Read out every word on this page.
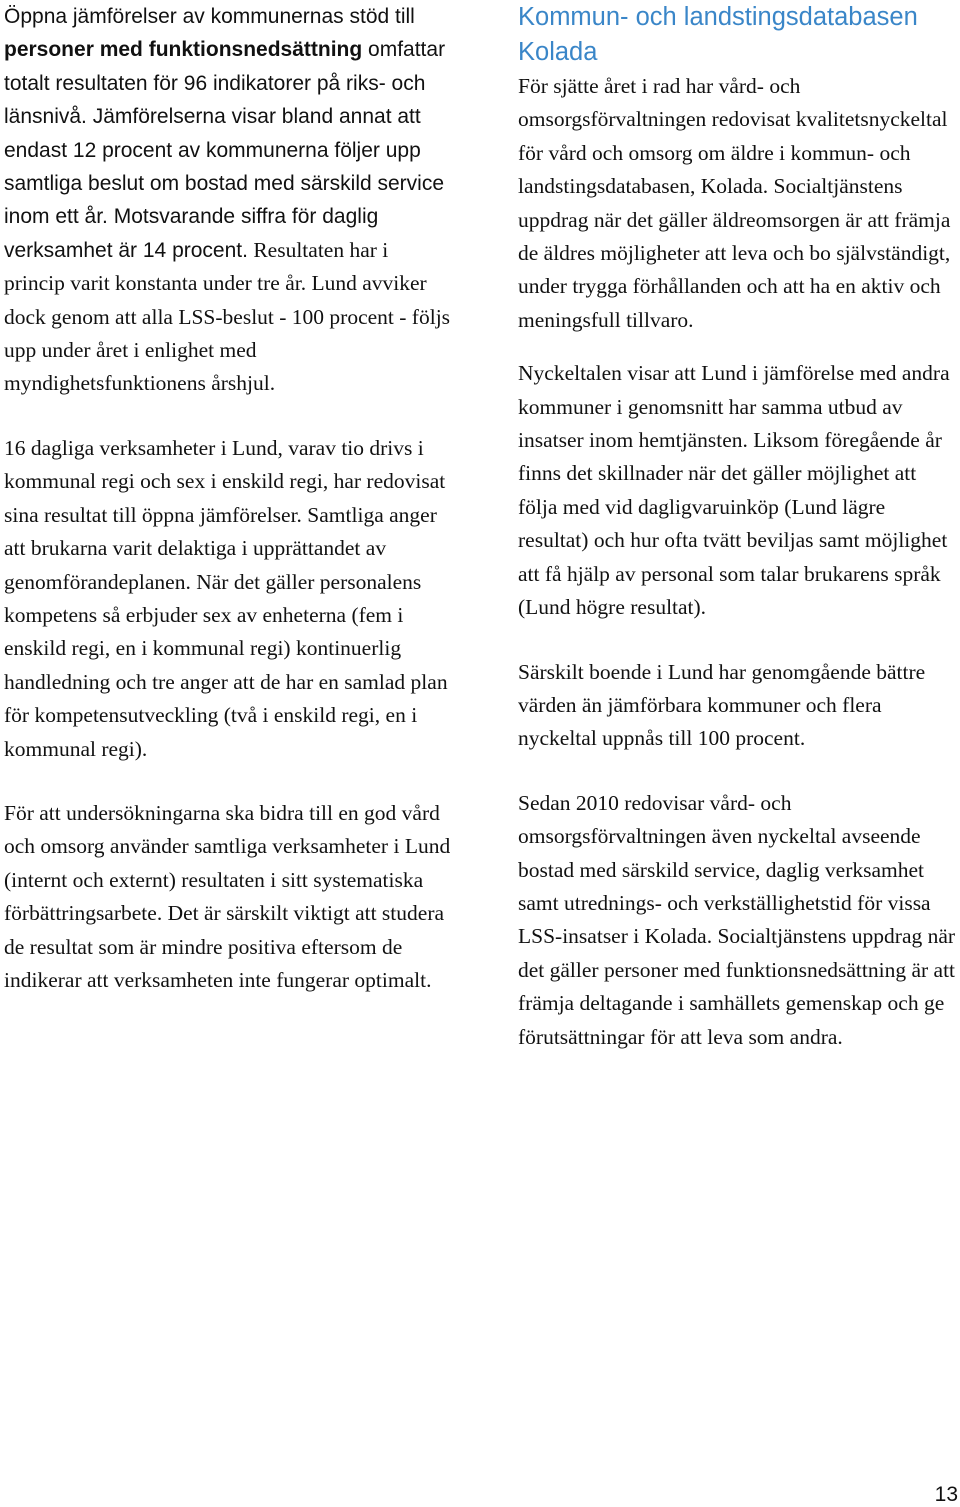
Öppna jämförelser av kommunernas stöd till personer med funktionsnedsättning omfattar totalt resultaten för 96 indikatorer på riks- och länsnivå. Jämförelserna visar bland annat att endast 12 procent av kommunerna följer upp samtliga beslut om bostad med särskild service inom ett år. Motsvarande siffra för daglig verksamhet är 14 procent. Resultaten har i princip varit konstanta under tre år. Lund avviker dock genom att alla LSS-beslut - 100 procent - följs upp under året i enlighet med myndighetsfunktionens årshjul.

16 dagliga verksamheter i Lund, varav tio drivs i kommunal regi och sex i enskild regi, har redovisat sina resultat till öppna jämförelser. Samtliga anger att brukarna varit delaktiga i upprättandet av genomförandeplanen. När det gäller personalens kompetens så erbjuder sex av enheterna (fem i enskild regi, en i kommunal regi) kontinuerlig handledning och tre anger att de har en samlad plan för kompetensutveckling (två i enskild regi, en i kommunal regi).

För att undersökningarna ska bidra till en god vård och omsorg använder samtliga verksamheter i Lund (internt och externt) resultaten i sitt systematiska förbättringsarbete. Det är särskilt viktigt att studera de resultat som är mindre positiva eftersom de indikerar att verksamheten inte fungerar optimalt.

Kommun- och landstingsdatabasen Kolada

För sjätte året i rad har vård- och omsorgsförvaltningen redovisat kvalitetsnyckeltal för vård och omsorg om äldre i kommun- och landstingsdatabasen, Kolada. Socialtjänstens uppdrag när det gäller äldreomsorgen är att främja de äldres möjligheter att leva och bo självständigt, under trygga förhållanden och att ha en aktiv och meningsfull tillvaro.

Nyckeltalen visar att Lund i jämförelse med andra kommuner i genomsnitt har samma utbud av insatser inom hemtjänsten. Liksom föregående år finns det skillnader när det gäller möjlighet att följa med vid dagligvaruinköp (Lund lägre resultat) och hur ofta tvätt beviljas samt möjlighet att få hjälp av personal som talar brukarens språk (Lund högre resultat).

Särskilt boende i Lund har genomgående bättre värden än jämförbara kommuner och flera nyckeltal uppnås till 100 procent.

Sedan 2010 redovisar vård- och omsorgsförvaltningen även nyckeltal avseende bostad med särskild service, daglig verksamhet samt utrednings- och verkställighetstid för vissa LSS-insatser i Kolada. Socialtjänstens uppdrag när det gäller personer med funktionsnedsättning är att främja deltagande i samhällets gemenskap och ge förutsättningar för att leva som andra.

13
